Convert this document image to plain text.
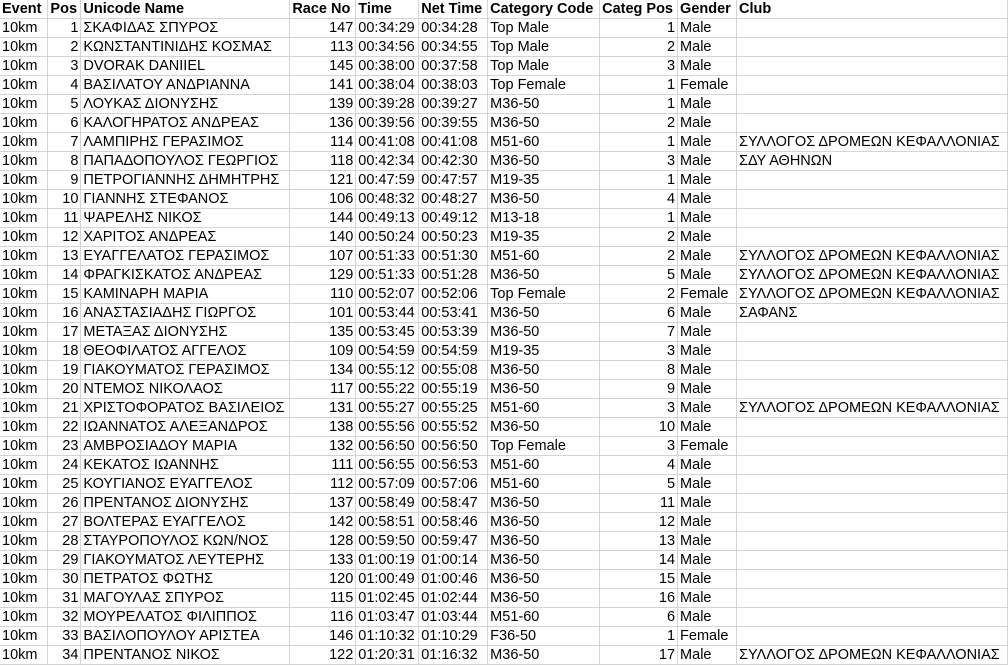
Event	Pos	Unicode Name	Race No	Time	Net Time	Category Code	Categ Pos	Gender	Club
10km	1	ΣΚΑΦΙΔΑΣ ΣΠΥΡΟΣ	147	00:34:29	00:34:28	Top Male	1	Male	
10km	2	ΚΩΝΣΤΑΝΤΙΝΙΔΗΣ ΚΟΣΜΑΣ	113	00:34:56	00:34:55	Top Male	2	Male	
10km	3	DVORAK DANIIEL	145	00:38:00	00:37:58	Top Male	3	Male	
10km	4	ΒΑΣΙΛΑΤΟΥ ΑΝΔΡΙΑΝΝΑ	141	00:38:04	00:38:03	Top Female	1	Female	
10km	5	ΛΟΥΚΑΣ ΔΙΟΝΥΣΗΣ	139	00:39:28	00:39:27	M36-50	1	Male	
10km	6	ΚΑΛΟΓΗΡΑΤΟΣ ΑΝΔΡΕΑΣ	136	00:39:56	00:39:55	M36-50	2	Male	
10km	7	ΛΑΜΠΙΡΗΣ ΓΕΡΑΣΙΜΟΣ	114	00:41:08	00:41:08	M51-60	1	Male	ΣΥΛΛΟΓΟΣ ΔΡΟΜΕΩΝ ΚΕΦΑΛΛΟΝΙΑΣ
10km	8	ΠΑΠΑΔΟΠΟΥΛΟΣ ΓΕΩΡΓΙΟΣ	118	00:42:34	00:42:30	M36-50	3	Male	ΣΔΥ ΑΘΗΝΩΝ
10km	9	ΠΕΤΡΟΓΙΑΝΝΗΣ ΔΗΜΗΤΡΗΣ	121	00:47:59	00:47:57	M19-35	1	Male	
10km	10	ΓΙΑΝΝΗΣ ΣΤΕΦΑΝΟΣ	106	00:48:32	00:48:27	M36-50	4	Male	
10km	11	ΨΑΡΕΛΗΣ ΝΙΚΟΣ	144	00:49:13	00:49:12	M13-18	1	Male	
10km	12	ΧΑΡΙΤΟΣ ΑΝΔΡΕΑΣ	140	00:50:24	00:50:23	M19-35	2	Male	
10km	13	ΕΥΑΓΓΕΛΑΤΟΣ ΓΕΡΑΣΙΜΟΣ	107	00:51:33	00:51:30	M51-60	2	Male	ΣΥΛΛΟΓΟΣ ΔΡΟΜΕΩΝ ΚΕΦΑΛΛΟΝΙΑΣ
10km	14	ΦΡΑΓΚΙΣΚΑΤΟΣ ΑΝΔΡΕΑΣ	129	00:51:33	00:51:28	M36-50	5	Male	ΣΥΛΛΟΓΟΣ ΔΡΟΜΕΩΝ ΚΕΦΑΛΛΟΝΙΑΣ
10km	15	ΚΑΜΙΝΑΡΗ ΜΑΡΙΑ	110	00:52:07	00:52:06	Top Female	2	Female	ΣΥΛΛΟΓΟΣ ΔΡΟΜΕΩΝ ΚΕΦΑΛΛΟΝΙΑΣ
10km	16	ΑΝΑΣΤΑΣΙΑΔΗΣ ΓΙΩΡΓΟΣ	101	00:53:44	00:53:41	M36-50	6	Male	ΣΑΦΑΝΣ
10km	17	ΜΕΤΑΞΑΣ ΔΙΟΝΥΣΗΣ	135	00:53:45	00:53:39	M36-50	7	Male	
10km	18	ΘΕΟΦΙΛΑΤΟΣ ΑΓΓΕΛΟΣ	109	00:54:59	00:54:59	M19-35	3	Male	
10km	19	ΓΙΑΚΟΥΜΑΤΟΣ ΓΕΡΑΣΙΜΟΣ	134	00:55:12	00:55:08	M36-50	8	Male	
10km	20	ΝΤΕΜΟΣ ΝΙΚΟΛΑΟΣ	117	00:55:22	00:55:19	M36-50	9	Male	
10km	21	ΧΡΙΣΤΟΦΟΡΑΤΟΣ ΒΑΣΙΛΕΙΟΣ	131	00:55:27	00:55:25	M51-60	3	Male	ΣΥΛΛΟΓΟΣ ΔΡΟΜΕΩΝ ΚΕΦΑΛΛΟΝΙΑΣ
10km	22	ΙΩΑΝΝΑΤΟΣ ΑΛΕΞΑΝΔΡΟΣ	138	00:55:56	00:55:52	M36-50	10	Male	
10km	23	ΑΜΒΡΟΣΙΑΔΟΥ ΜΑΡΙΑ	132	00:56:50	00:56:50	Top Female	3	Female	
10km	24	ΚΕΚΑΤΟΣ ΙΩΑΝΝΗΣ	111	00:56:55	00:56:53	M51-60	4	Male	
10km	25	ΚΟΥΓΙΑΝΟΣ ΕΥΑΓΓΕΛΟΣ	112	00:57:09	00:57:06	M51-60	5	Male	
10km	26	ΠΡΕΝΤΑΝΟΣ ΔΙΟΝΥΣΗΣ	137	00:58:49	00:58:47	M36-50	11	Male	
10km	27	ΒΟΛΤΕΡΑΣ ΕΥΑΓΓΕΛΟΣ	142	00:58:51	00:58:46	M36-50	12	Male	
10km	28	ΣΤΑΥΡΟΠΟΥΛΟΣ ΚΩΝ/ΝΟΣ	128	00:59:50	00:59:47	M36-50	13	Male	
10km	29	ΓΙΑΚΟΥΜΑΤΟΣ ΛΕΥΤΕΡΗΣ	133	01:00:19	01:00:14	M36-50	14	Male	
10km	30	ΠΕΤΡΑΤΟΣ ΦΩΤΗΣ	120	01:00:49	01:00:46	M36-50	15	Male	
10km	31	ΜΑΓΟΥΛΑΣ ΣΠΥΡΟΣ	115	01:02:45	01:02:44	M36-50	16	Male	
10km	32	ΜΟΥΡΕΛΑΤΟΣ ΦΙΛΙΠΠΟΣ	116	01:03:47	01:03:44	M51-60	6	Male	
10km	33	ΒΑΣΙΛΟΠΟΥΛΟΥ ΑΡΙΣΤΕΑ	146	01:10:32	01:10:29	F36-50	1	Female	
10km	34	ΠΡΕΝΤΑΝΟΣ ΝΙΚΟΣ	122	01:20:31	01:16:32	M36-50	17	Male	ΣΥΛΛΟΓΟΣ ΔΡΟΜΕΩΝ ΚΕΦΑΛΛΟΝΙΑΣ
